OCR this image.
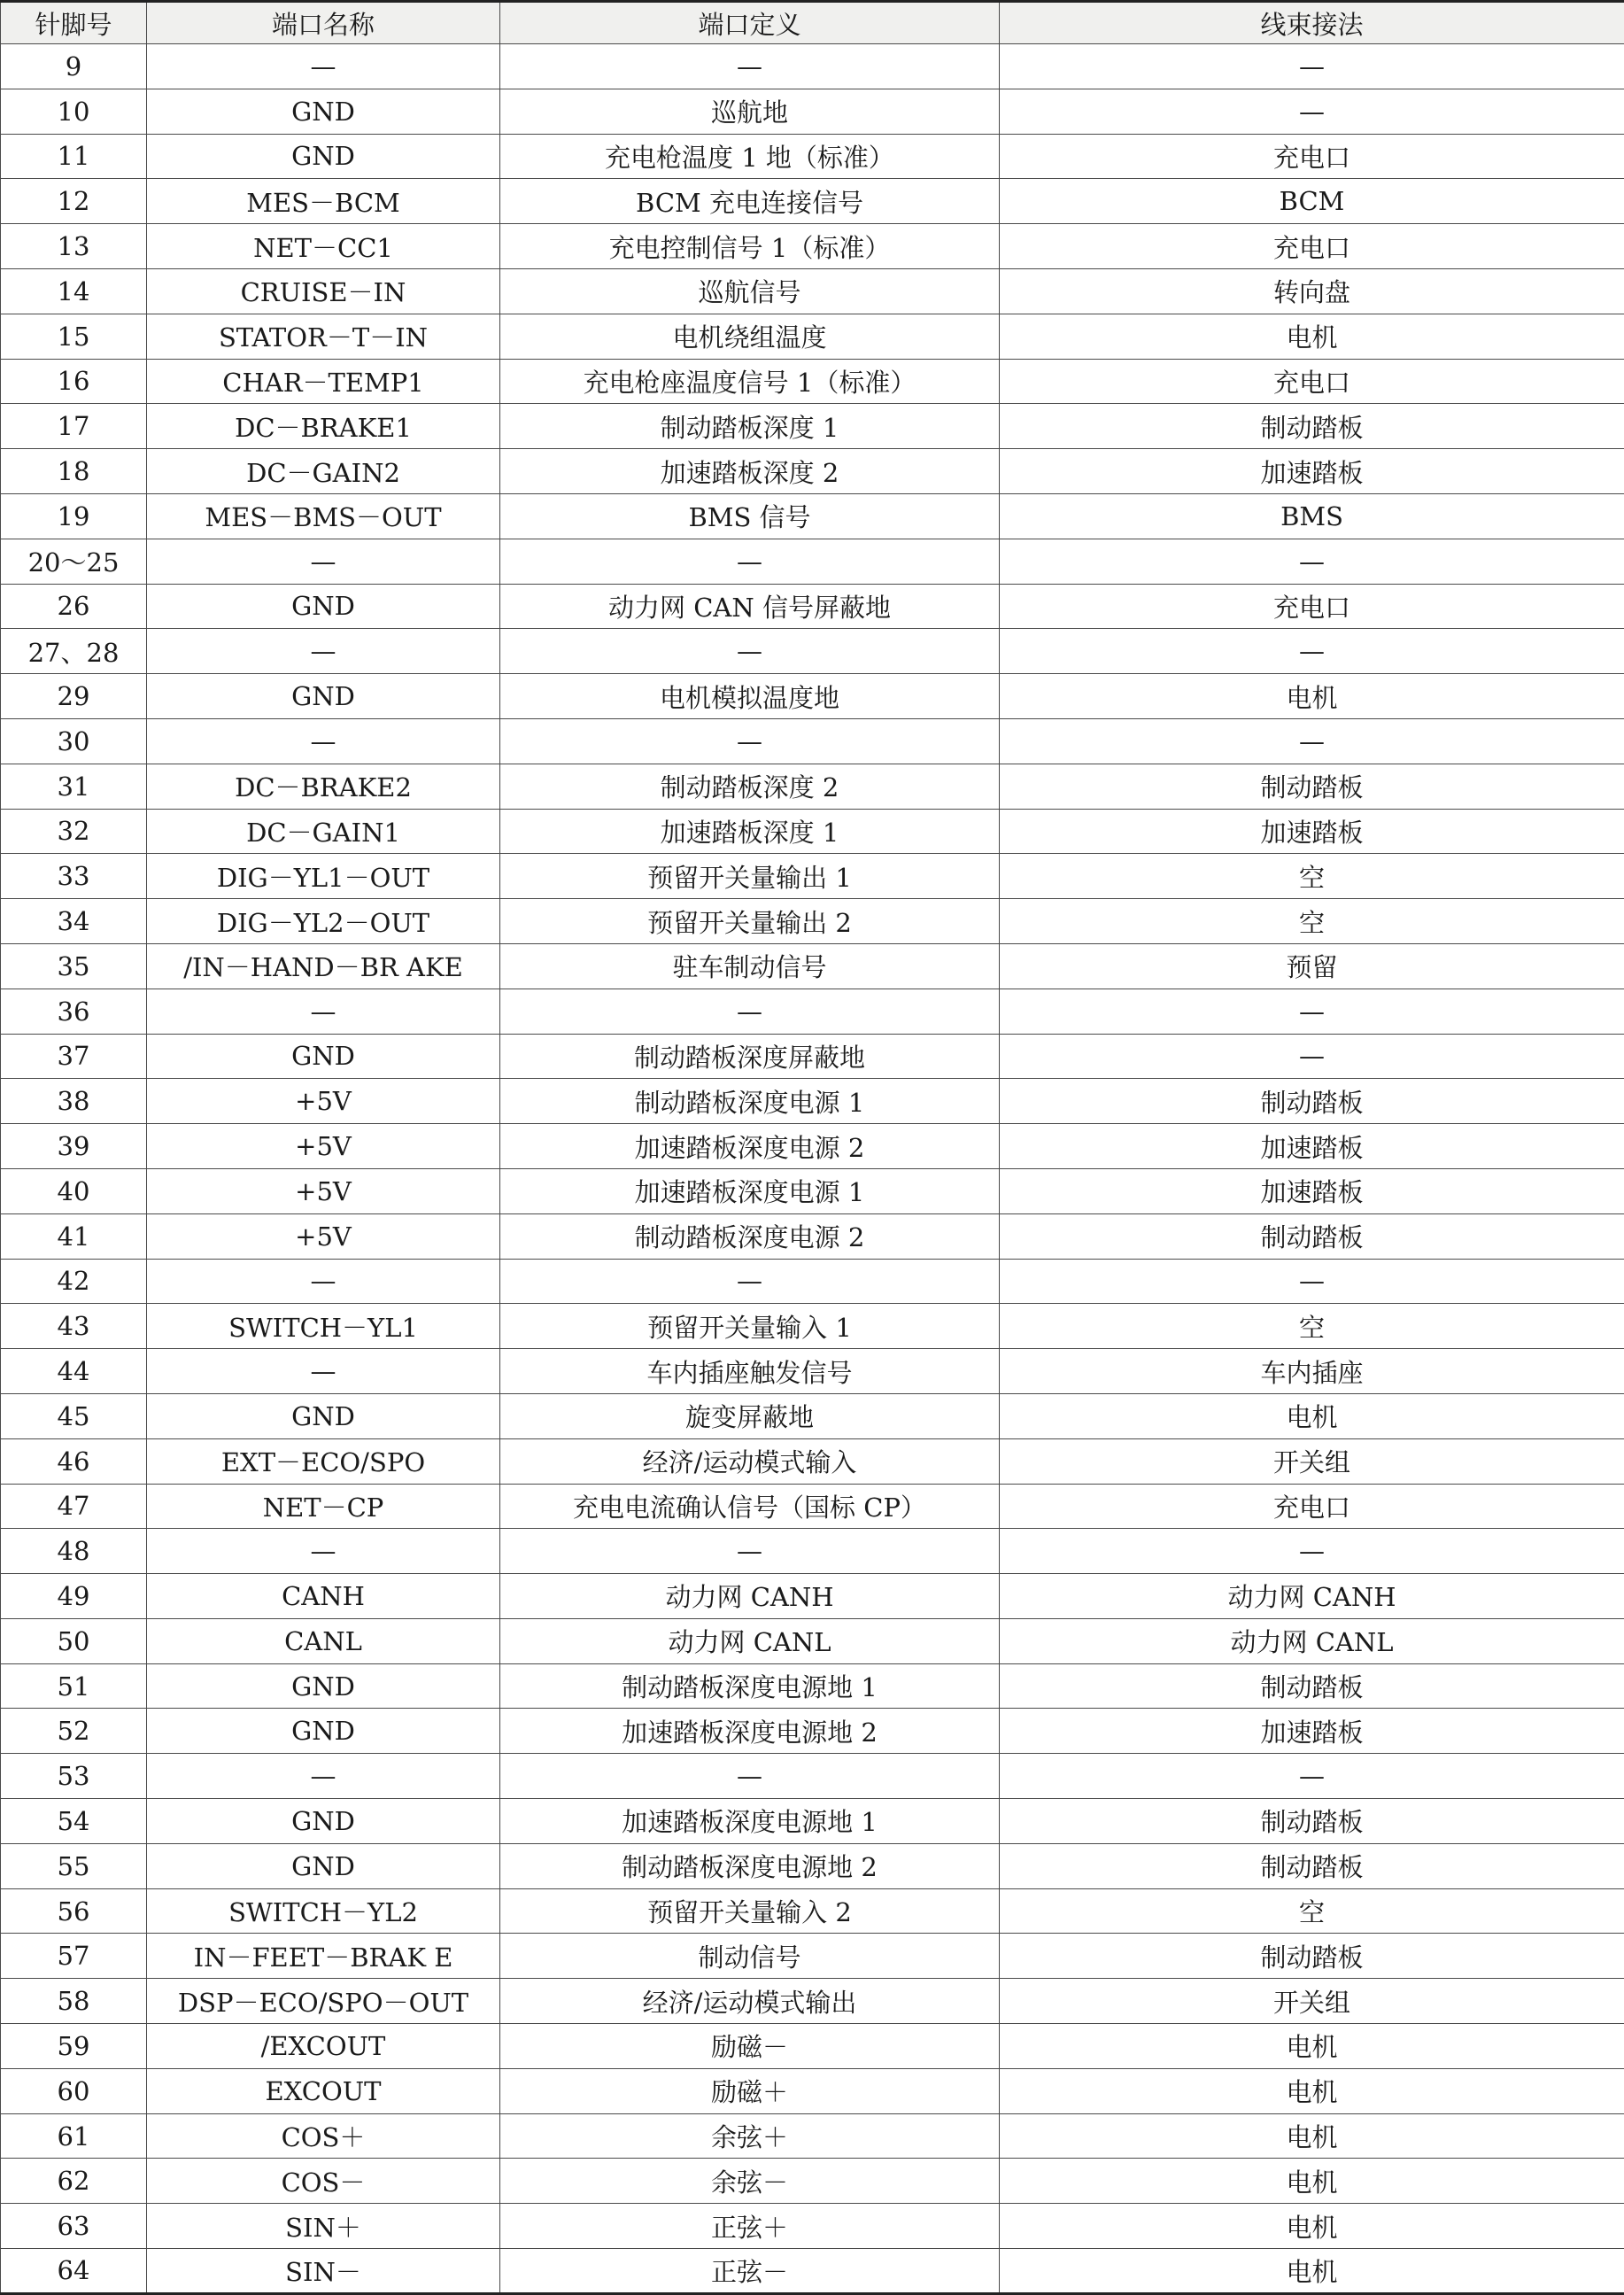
针脚号	端口名称	端口定义	线束接法
9	—	—	—
10	GND	巡航地	—
11	GND	充电枪温度 1 地（标准）	充电口
12	MES－BCM	BCM 充电连接信号	BCM
13	NET－CC1	充电控制信号 1（标准）	充电口
14	CRUISE－IN	巡航信号	转向盘
15	STATOR－T－IN	电机绕组温度	电机
16	CHAR－TEMP1	充电枪座温度信号 1（标准）	充电口
17	DC－BRAKE1	制动踏板深度 1	制动踏板
18	DC－GAIN2	加速踏板深度 2	加速踏板
19	MES－BMS－OUT	BMS 信号	BMS
20～25	—	—	—
26	GND	动力网 CAN 信号屏蔽地	充电口
27、28	—	—	—
29	GND	电机模拟温度地	电机
30	—	—	—
31	DC－BRAKE2	制动踏板深度 2	制动踏板
32	DC－GAIN1	加速踏板深度 1	加速踏板
33	DIG－YL1－OUT	预留开关量输出 1	空
34	DIG－YL2－OUT	预留开关量输出 2	空
35	/IN－HAND－BR AKE	驻车制动信号	预留
36	—	—	—
37	GND	制动踏板深度屏蔽地	—
38	+5V	制动踏板深度电源 1	制动踏板
39	+5V	加速踏板深度电源 2	加速踏板
40	+5V	加速踏板深度电源 1	加速踏板
41	+5V	制动踏板深度电源 2	制动踏板
42	—	—	—
43	SWITCH－YL1	预留开关量输入 1	空
44	—	车内插座触发信号	车内插座
45	GND	旋变屏蔽地	电机
46	EXT－ECO/SPO	经济/运动模式输入	开关组
47	NET－CP	充电电流确认信号（国标 CP）	充电口
48	—	—	—
49	CANH	动力网 CANH	动力网 CANH
50	CANL	动力网 CANL	动力网 CANL
51	GND	制动踏板深度电源地 1	制动踏板
52	GND	加速踏板深度电源地 2	加速踏板
53	—	—	—
54	GND	加速踏板深度电源地 1	制动踏板
55	GND	制动踏板深度电源地 2	制动踏板
56	SWITCH－YL2	预留开关量输入 2	空
57	IN－FEET－BRAK E	制动信号	制动踏板
58	DSP－ECO/SPO－OUT	经济/运动模式输出	开关组
59	/EXCOUT	励磁－	电机
60	EXCOUT	励磁＋	电机
61	COS＋	余弦＋	电机
62	COS－	余弦－	电机
63	SIN＋	正弦＋	电机
64	SIN－	正弦－	电机
